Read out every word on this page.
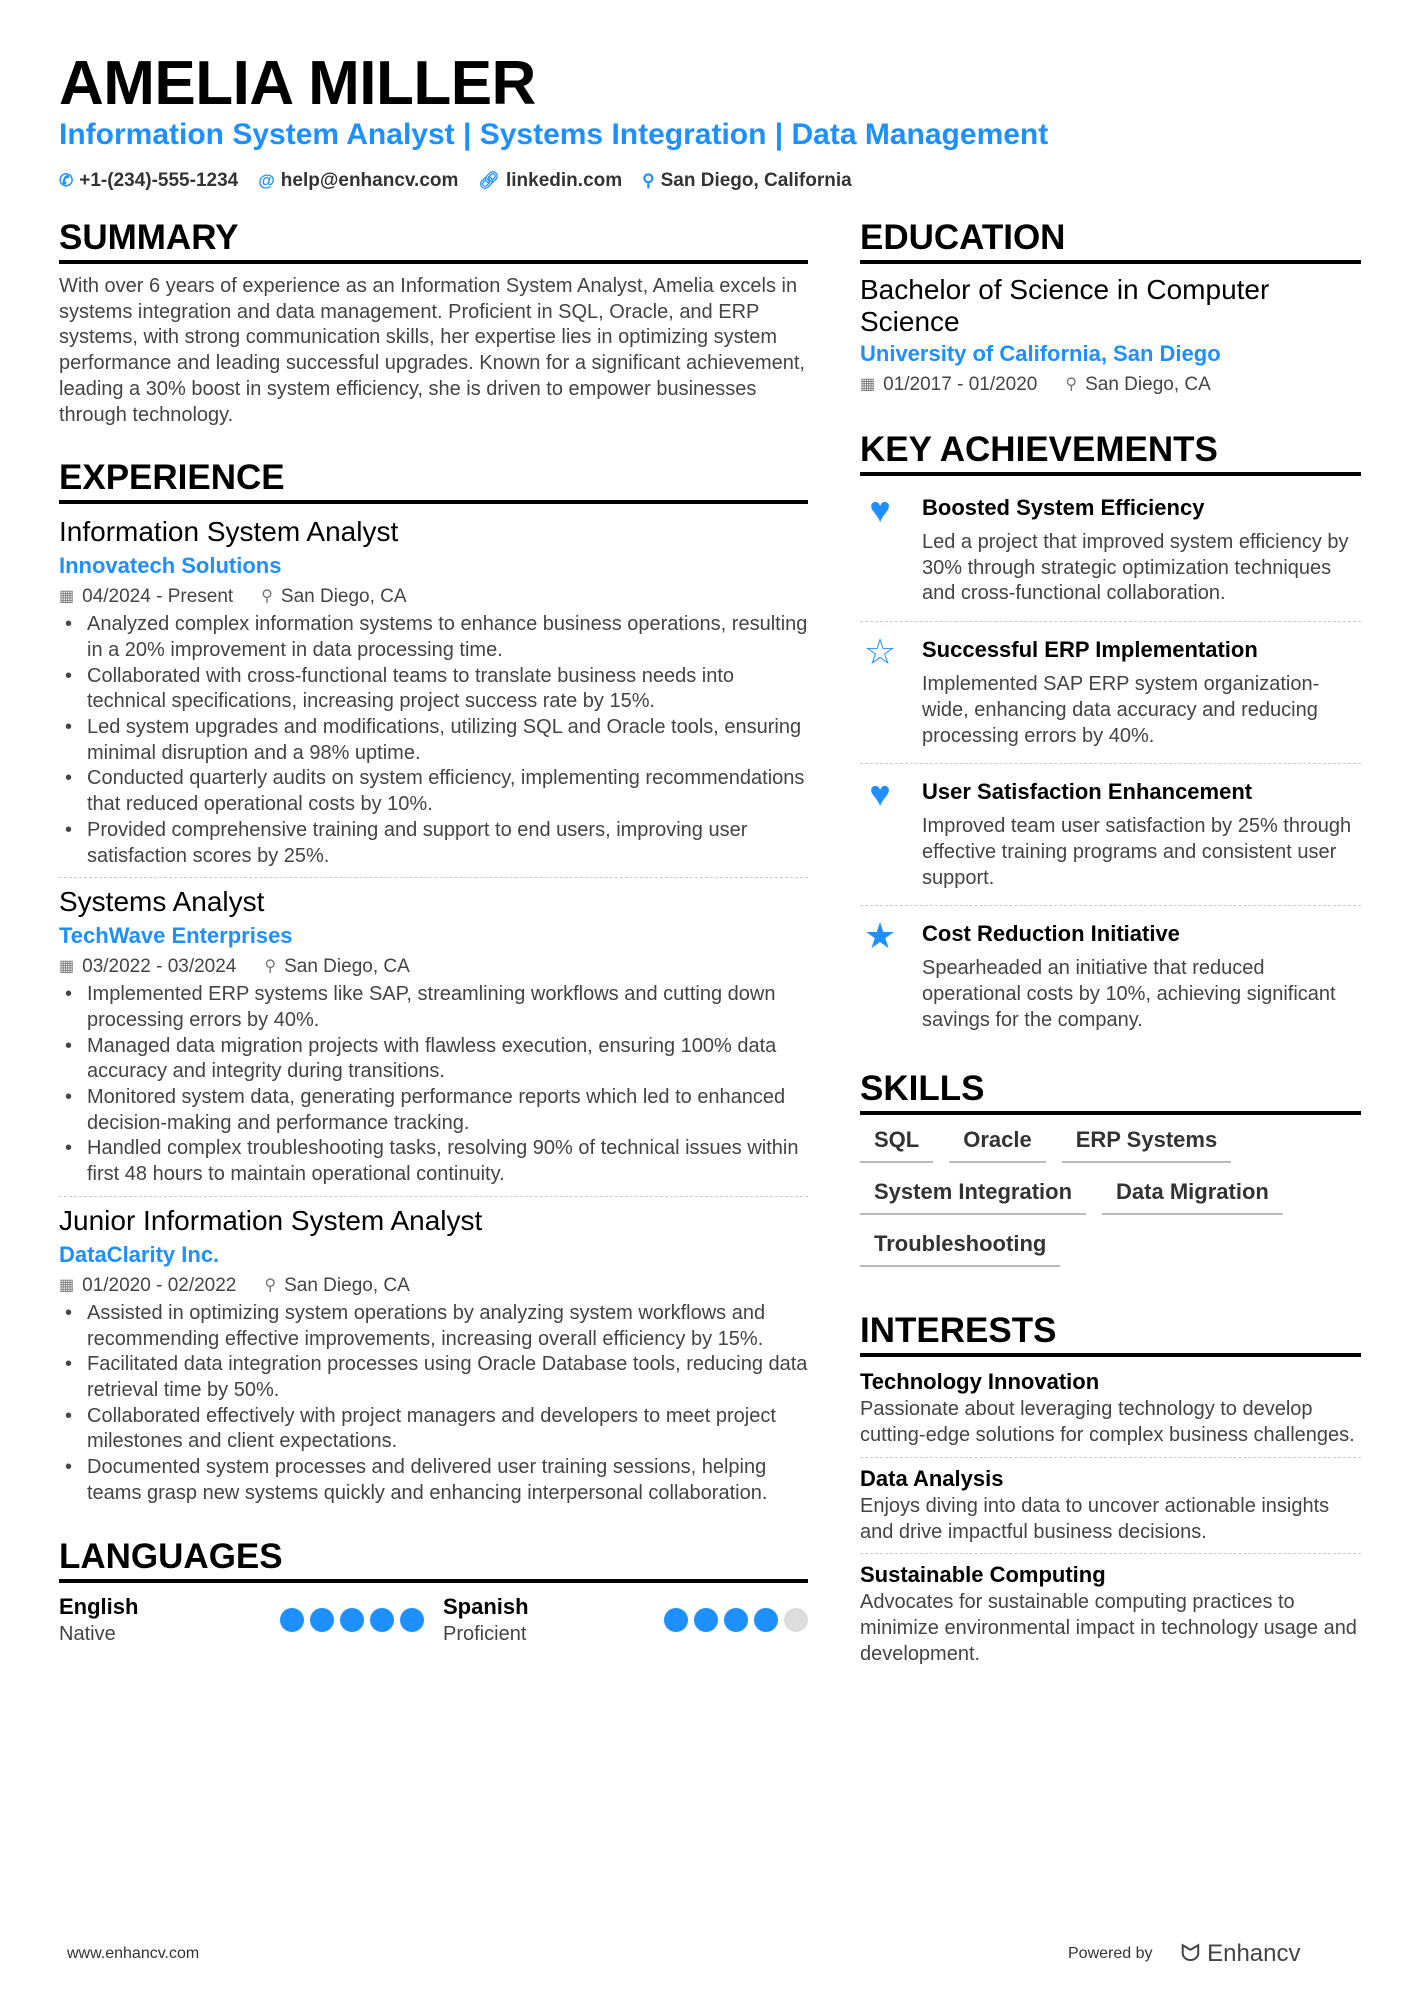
AMELIA MILLER
Information System Analyst | Systems Integration | Data Management
✆ +1-(234)-555-1234 @ help@enhancv.com 🔗︎ linkedin.com ⚲ San Diego, California
SUMMARY
With over 6 years of experience as an Information System Analyst, Amelia excels in systems integration and data management. Proficient in SQL, Oracle, and ERP systems, with strong communication skills, her expertise lies in optimizing system performance and leading successful upgrades. Known for a significant achievement, leading a 30% boost in system efficiency, she is driven to empower businesses through technology.
EXPERIENCE
Information System Analyst
Innovatech Solutions
▦ 04/2024 - Present ⚲ San Diego, CA
• Analyzed complex information systems to enhance business operations, resulting in a 20% improvement in data processing time.
• Collaborated with cross-functional teams to translate business needs into technical specifications, increasing project success rate by 15%.
• Led system upgrades and modifications, utilizing SQL and Oracle tools, ensuring minimal disruption and a 98% uptime.
• Conducted quarterly audits on system efficiency, implementing recommendations that reduced operational costs by 10%.
• Provided comprehensive training and support to end users, improving user satisfaction scores by 25%.
Systems Analyst
TechWave Enterprises
▦ 03/2022 - 03/2024 ⚲ San Diego, CA
• Implemented ERP systems like SAP, streamlining workflows and cutting down processing errors by 40%.
• Managed data migration projects with flawless execution, ensuring 100% data accuracy and integrity during transitions.
• Monitored system data, generating performance reports which led to enhanced decision-making and performance tracking.
• Handled complex troubleshooting tasks, resolving 90% of technical issues within first 48 hours to maintain operational continuity.
Junior Information System Analyst
DataClarity Inc.
▦ 01/2020 - 02/2022 ⚲ San Diego, CA
• Assisted in optimizing system operations by analyzing system workflows and recommending effective improvements, increasing overall efficiency by 15%.
• Facilitated data integration processes using Oracle Database tools, reducing data retrieval time by 50%.
• Collaborated effectively with project managers and developers to meet project milestones and client expectations.
• Documented system processes and delivered user training sessions, helping teams grasp new systems quickly and enhancing interpersonal collaboration.
LANGUAGES
English
Native
Spanish
Proficient
EDUCATION
Bachelor of Science in Computer Science
University of California, San Diego
▦ 01/2017 - 01/2020 ⚲ San Diego, CA
KEY ACHIEVEMENTS
♥	Boosted System Efficiency
Led a project that improved system efficiency by 30% through strategic optimization techniques and cross-functional collaboration.
☆ Successful ERP Implementation
Implemented SAP ERP system organization-wide, enhancing data accuracy and reducing processing errors by 40%.
♥	User Satisfaction Enhancement
Improved team user satisfaction by 25% through effective training programs and consistent user support.
★ Cost Reduction Initiative
Spearheaded an initiative that reduced operational costs by 10%, achieving significant savings for the company.
SKILLS
SQL	Oracle	ERP Systems
System Integration	Data Migration
Troubleshooting
INTERESTS
Technology Innovation
Passionate about leveraging technology to develop cutting-edge solutions for complex business challenges.
Data Analysis
Enjoys diving into data to uncover actionable insights and drive impactful business decisions.
Sustainable Computing
Advocates for sustainable computing practices to minimize environmental impact in technology usage and development.
www.enhancv.com	Powered by ᗢ Enhancv
